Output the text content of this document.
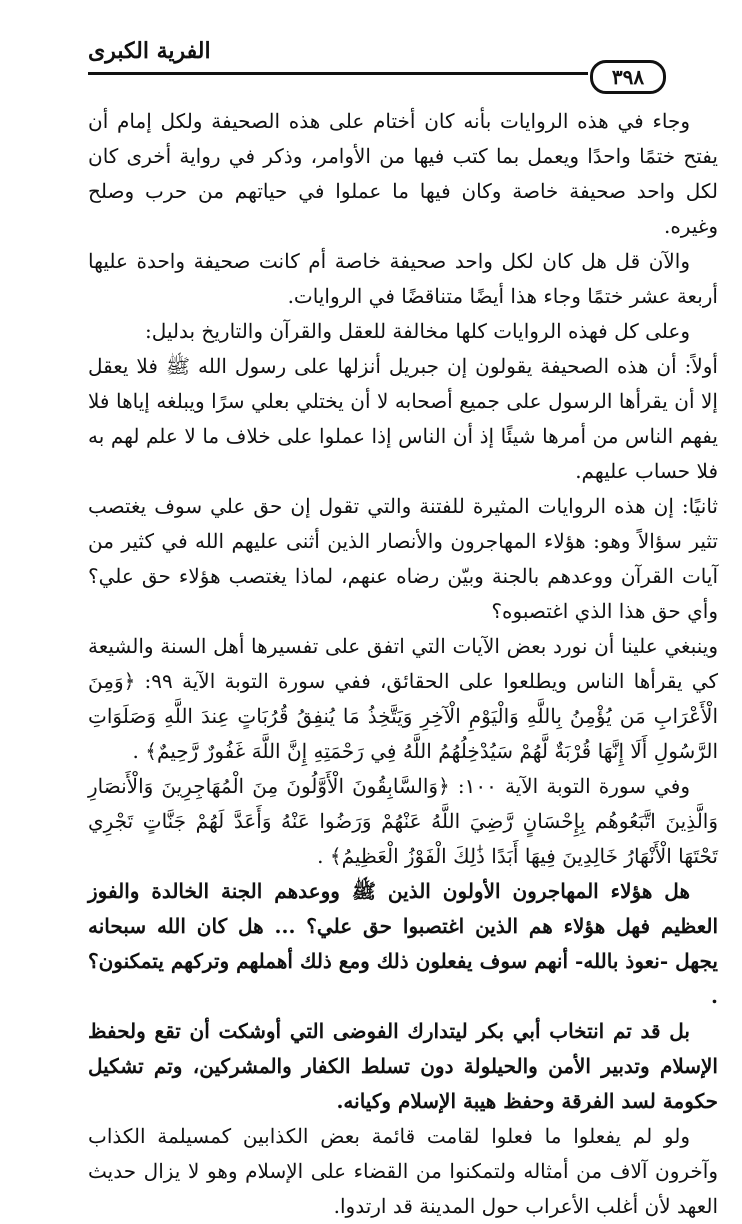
الفرية الكبرى
٣٩٨

وجاء في هذه الروايات بأنه كان أختام على هذه الصحيفة ولكل إمام أن يفتح ختمًا واحدًا ويعمل بما كتب فيها من الأوامر، وذكر في رواية أخرى كان لكل واحد صحيفة خاصة وكان فيها ما عملوا في حياتهم من حرب وصلح وغيره.

والآن قل هل كان لكل واحد صحيفة خاصة أم كانت صحيفة واحدة عليها أربعة عشر ختمًا وجاء هذا أيضًا متناقضًا في الروايات.

وعلى كل فهذه الروايات كلها مخالفة للعقل والقرآن والتاريخ بدليل:

أولاً: أن هذه الصحيفة يقولون إن جبريل أنزلها على رسول الله ﷺ فلا يعقل إلا أن يقرأها الرسول على جميع أصحابه لا أن يختلي بعلي سرًا ويبلغه إياها فلا يفهم الناس من أمرها شيئًا إذ أن الناس إذا عملوا على خلاف ما لا علم لهم به فلا حساب عليهم.

ثانيًا: إن هذه الروايات المثيرة للفتنة والتي تقول إن حق علي سوف يغتصب تثير سؤالاً وهو: هؤلاء المهاجرون والأنصار الذين أثنى عليهم الله في كثير من آيات القرآن ووعدهم بالجنة وبيّن رضاه عنهم، لماذا يغتصب هؤلاء حق علي؟ وأي حق هذا الذي اغتصبوه؟

وينبغي علينا أن نورد بعض الآيات التي اتفق على تفسيرها أهل السنة والشيعة كي يقرأها الناس ويطلعوا على الحقائق، ففي سورة التوبة الآية ٩٩: ﴿وَمِنَ الْأَعْرَابِ مَن يُؤْمِنُ بِاللَّهِ وَالْيَوْمِ الْآخِرِ وَيَتَّخِذُ مَا يُنفِقُ قُرُبَاتٍ عِندَ اللَّهِ وَصَلَوَاتِ الرَّسُولِ أَلَا إِنَّهَا قُرْبَةٌ لَّهُمْ سَيُدْخِلُهُمُ اللَّهُ فِي رَحْمَتِهِ إِنَّ اللَّهَ غَفُورٌ رَّحِيمٌ﴾ .

وفي سورة التوبة الآية ١٠٠: ﴿وَالسَّابِقُونَ الْأَوَّلُونَ مِنَ الْمُهَاجِرِينَ وَالْأَنصَارِ وَالَّذِينَ اتَّبَعُوهُم بِإِحْسَانٍ رَّضِيَ اللَّهُ عَنْهُمْ وَرَضُوا عَنْهُ وَأَعَدَّ لَهُمْ جَنَّاتٍ تَجْرِي تَحْتَهَا الْأَنْهَارُ خَالِدِينَ فِيهَا أَبَدًا ذَٰلِكَ الْفَوْزُ الْعَظِيمُ﴾ .

هل هؤلاء المهاجرون الأولون الذين ﷺ ووعدهم الجنة الخالدة والفوز العظيم فهل هؤلاء هم الذين اغتصبوا حق علي؟ ... هل كان الله سبحانه يجهل -نعوذ بالله- أنهم سوف يفعلون ذلك ومع ذلك أهملهم وتركهم يتمكنون؟ .

بل قد تم انتخاب أبي بكر ليتدارك الفوضى التي أوشكت أن تقع ولحفظ الإسلام وتدبير الأمن والحيلولة دون تسلط الكفار والمشركين، وتم تشكيل حكومة لسد الفرقة وحفظ هيبة الإسلام وكيانه.

ولو لم يفعلوا ما فعلوا لقامت قائمة بعض الكذابين كمسيلمة الكذاب وآخرون آلاف من أمثاله ولتمكنوا من القضاء على الإسلام وهو لا يزال حديث العهد لأن أغلب الأعراب حول المدينة قد ارتدوا.
